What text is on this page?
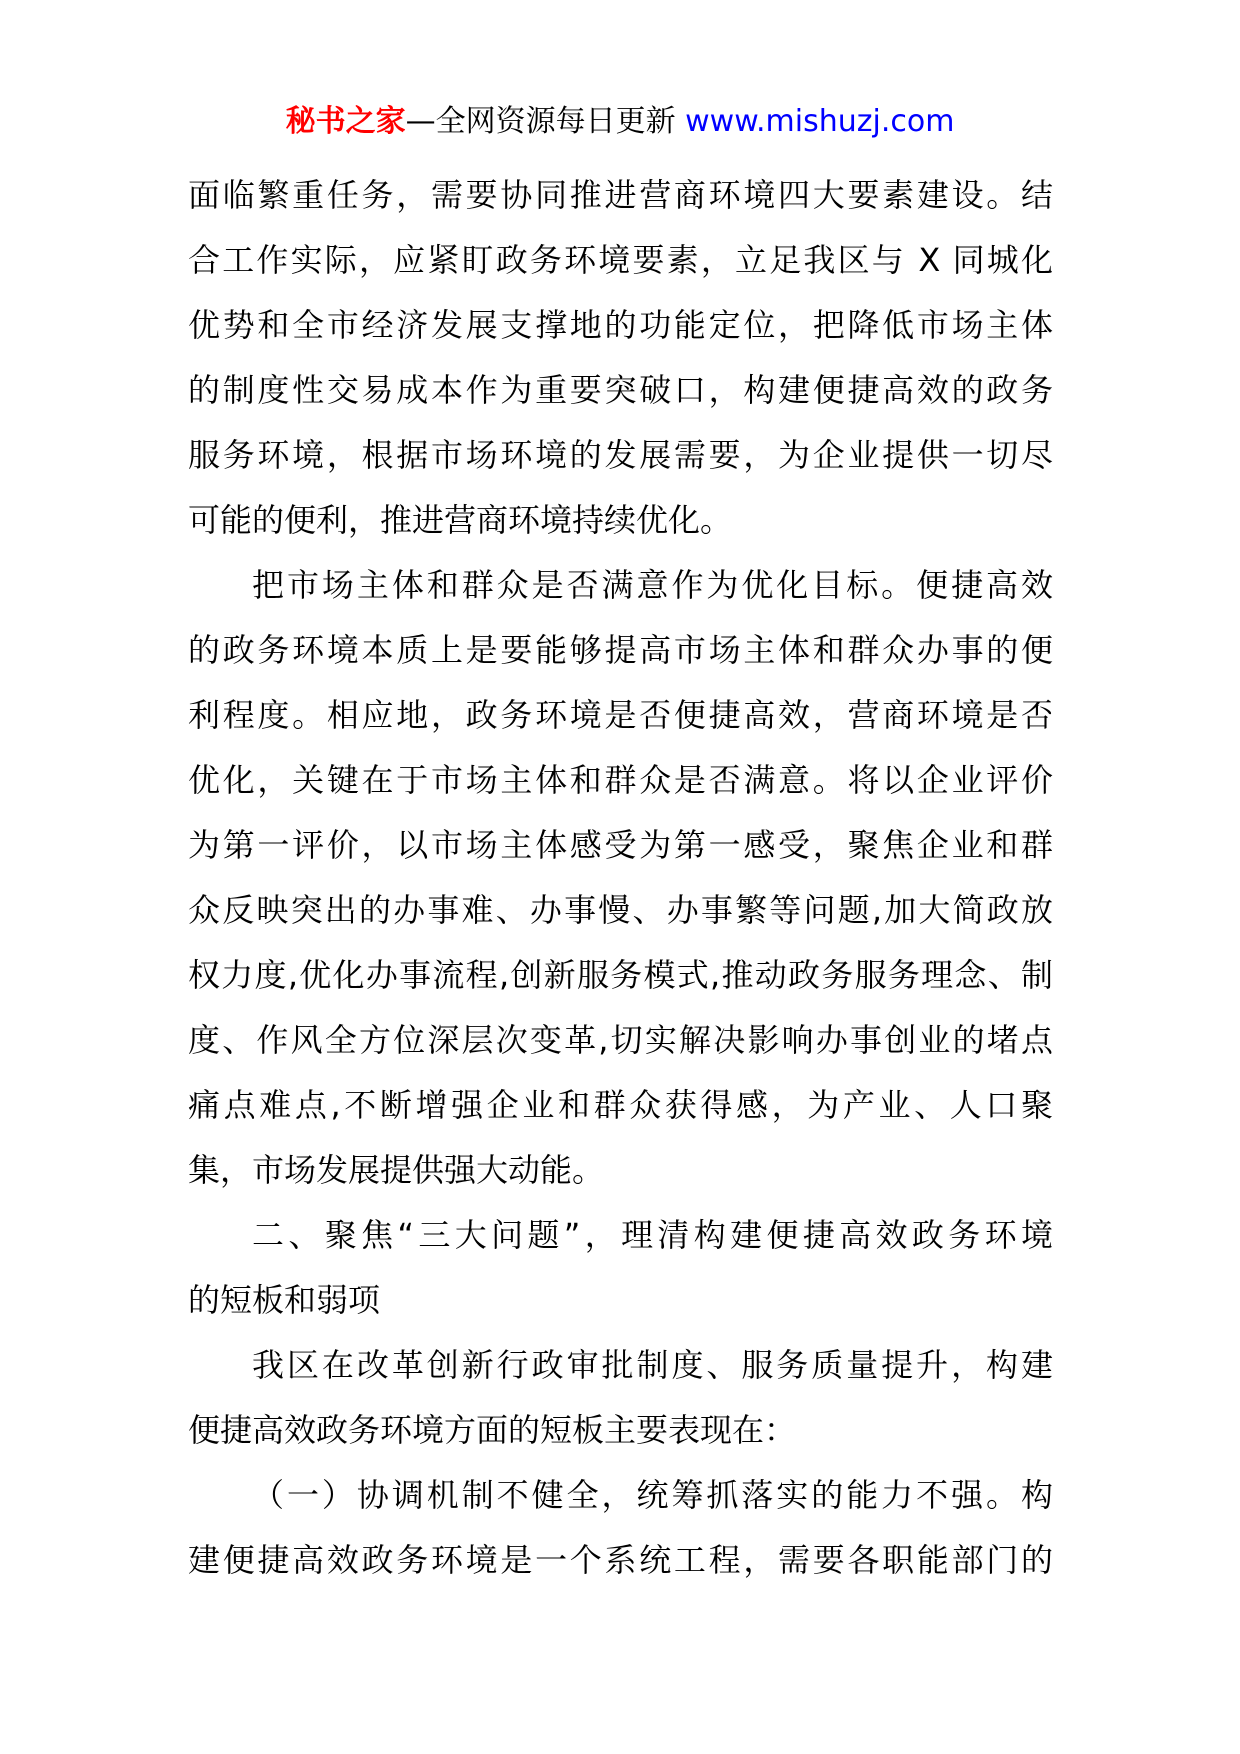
秘书之家—全网资源每日更新 www.mishuzj.com
面临繁重任务，需要协同推进营商环境四大要素建设。结
合工作实际，应紧盯政务环境要素，立足我区与 X 同城化
优势和全市经济发展支撑地的功能定位，把降低市场主体
的制度性交易成本作为重要突破口，构建便捷高效的政务
服务环境，根据市场环境的发展需要，为企业提供一切尽
可能的便利，推进营商环境持续优化。
把市场主体和群众是否满意作为优化目标。便捷高效
的政务环境本质上是要能够提高市场主体和群众办事的便
利程度。相应地，政务环境是否便捷高效，营商环境是否
优化，关键在于市场主体和群众是否满意。将以企业评价
为第一评价，以市场主体感受为第一感受，聚焦企业和群
众反映突出的办事难、办事慢、办事繁等问题,加大简政放
权力度,优化办事流程,创新服务模式,推动政务服务理念、制
度、作风全方位深层次变革,切实解决影响办事创业的堵点
痛点难点,不断增强企业和群众获得感，为产业、人口聚
集，市场发展提供强大动能。
二、聚焦“三大问题”，理清构建便捷高效政务环境
的短板和弱项
我区在改革创新行政审批制度、服务质量提升，构建
便捷高效政务环境方面的短板主要表现在：
（一）协调机制不健全，统筹抓落实的能力不强。构
建便捷高效政务环境是一个系统工程，需要各职能部门的
